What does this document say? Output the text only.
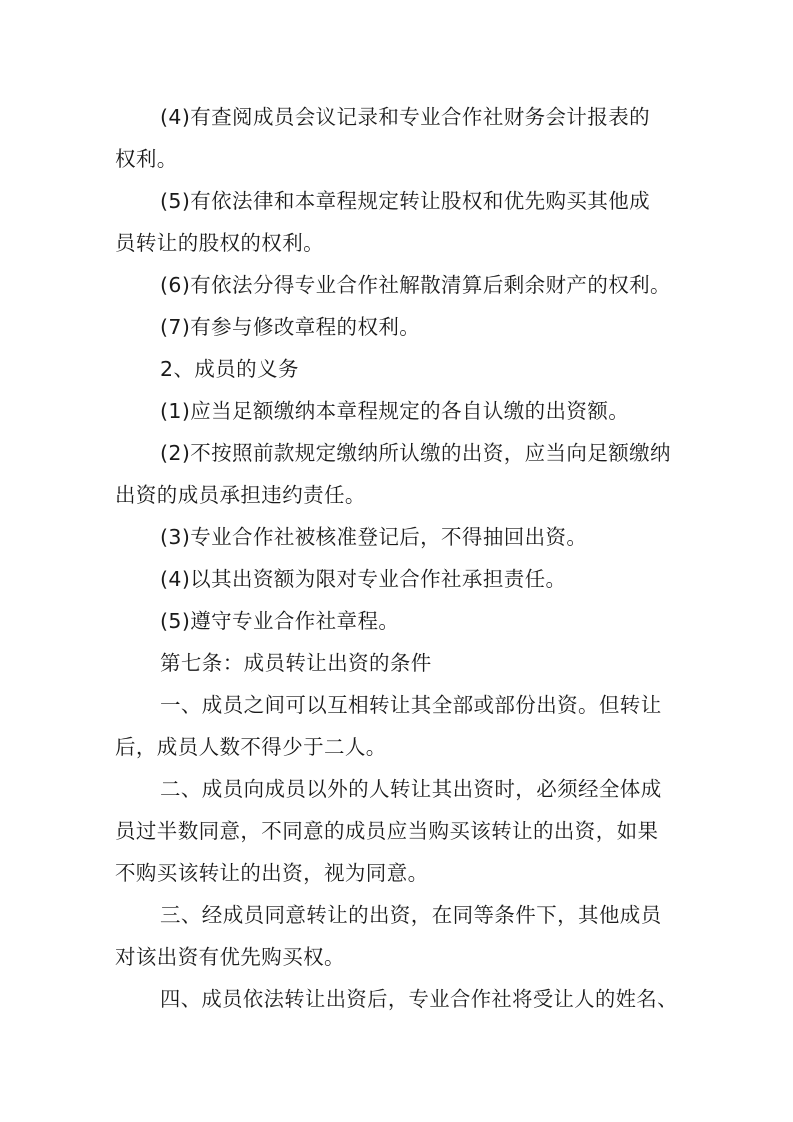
(4)有查阅成员会议记录和专业合作社财务会计报表的
权利。
(5)有依法律和本章程规定转让股权和优先购买其他成
员转让的股权的权利。
(6)有依法分得专业合作社解散清算后剩余财产的权利。
(7)有参与修改章程的权利。
2、成员的义务
(1)应当足额缴纳本章程规定的各自认缴的出资额。
(2)不按照前款规定缴纳所认缴的出资，应当向足额缴纳
出资的成员承担违约责任。
(3)专业合作社被核准登记后，不得抽回出资。
(4)以其出资额为限对专业合作社承担责任。
(5)遵守专业合作社章程。
第七条：成员转让出资的条件
一、成员之间可以互相转让其全部或部份出资。但转让
后，成员人数不得少于二人。
二、成员向成员以外的人转让其出资时，必须经全体成
员过半数同意，不同意的成员应当购买该转让的出资，如果
不购买该转让的出资，视为同意。
三、经成员同意转让的出资，在同等条件下，其他成员
对该出资有优先购买权。
四、成员依法转让出资后，专业合作社将受让人的姓名、
